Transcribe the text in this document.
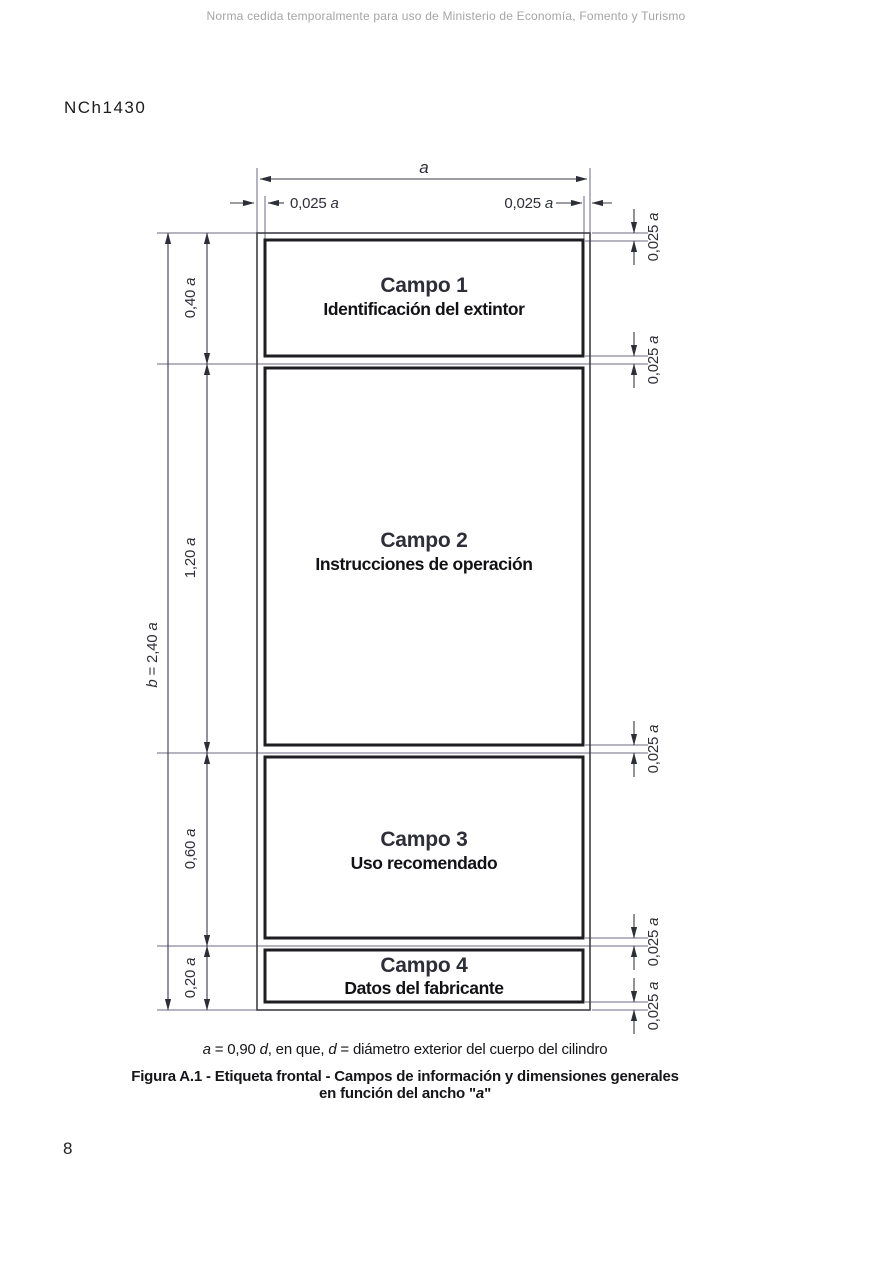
Norma cedida temporalmente para uso de Ministerio de Economía, Fomento y Turismo
NCh1430
Campo 1
Identificación del extintor
Campo 2
Instrucciones de operación
Campo 3
Uso recomendado
Campo 4
Datos del fabricante
a
0,025 a	0,025 a
0,025 a
0,025 a
0,025 a
0,025 a
0,025 a
0,40 a
1,20 a
0,60 a
0,20 a
b = 2,40 a
a = 0,90 d, en que, d = diámetro exterior del cuerpo del cilindro
Figura A.1 - Etiqueta frontal - Campos de información y dimensiones generales
en función del ancho "a"
8
